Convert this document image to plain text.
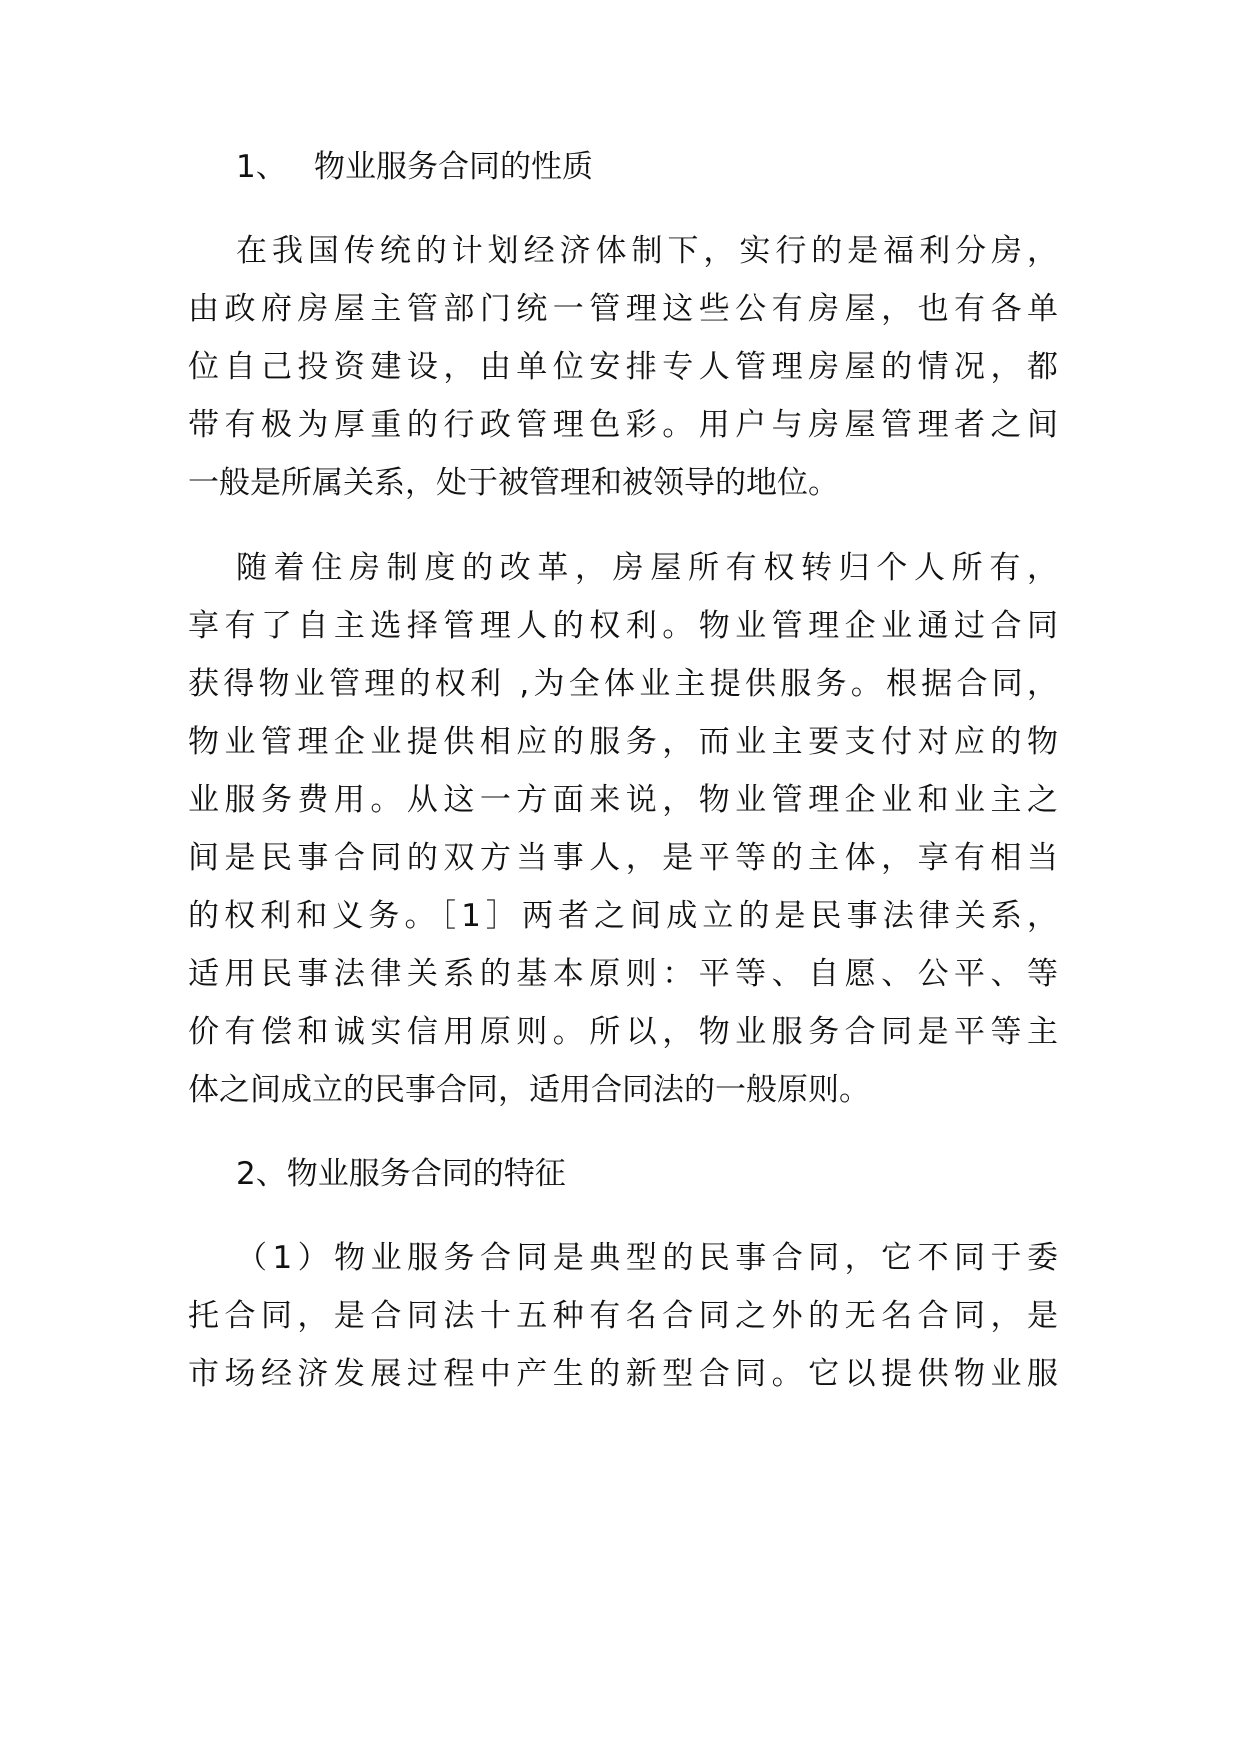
1、 物业服务合同的性质

在我国传统的计划经济体制下，实行的是福利分房，

由政府房屋主管部门统一管理这些公有房屋，也有各单

位自己投资建设，由单位安排专人管理房屋的情况，都

带有极为厚重的行政管理色彩。用户与房屋管理者之间

一般是所属关系，处于被管理和被领导的地位。

随着住房制度的改革，房屋所有权转归个人所有，

享有了自主选择管理人的权利。物业管理企业通过合同

获得物业管理的权利 ,为全体业主提供服务。根据合同，

物业管理企业提供相应的服务，而业主要支付对应的物

业服务费用。从这一方面来说，物业管理企业和业主之

间是民事合同的双方当事人，是平等的主体，享有相当

的权利和义务。［1］两者之间成立的是民事法律关系，

适用民事法律关系的基本原则：平等、自愿、公平、等

价有偿和诚实信用原则。所以，物业服务合同是平等主

体之间成立的民事合同，适用合同法的一般原则。

2、物业服务合同的特征

（1）物业服务合同是典型的民事合同，它不同于委

托合同，是合同法十五种有名合同之外的无名合同，是

市场经济发展过程中产生的新型合同。它以提供物业服
